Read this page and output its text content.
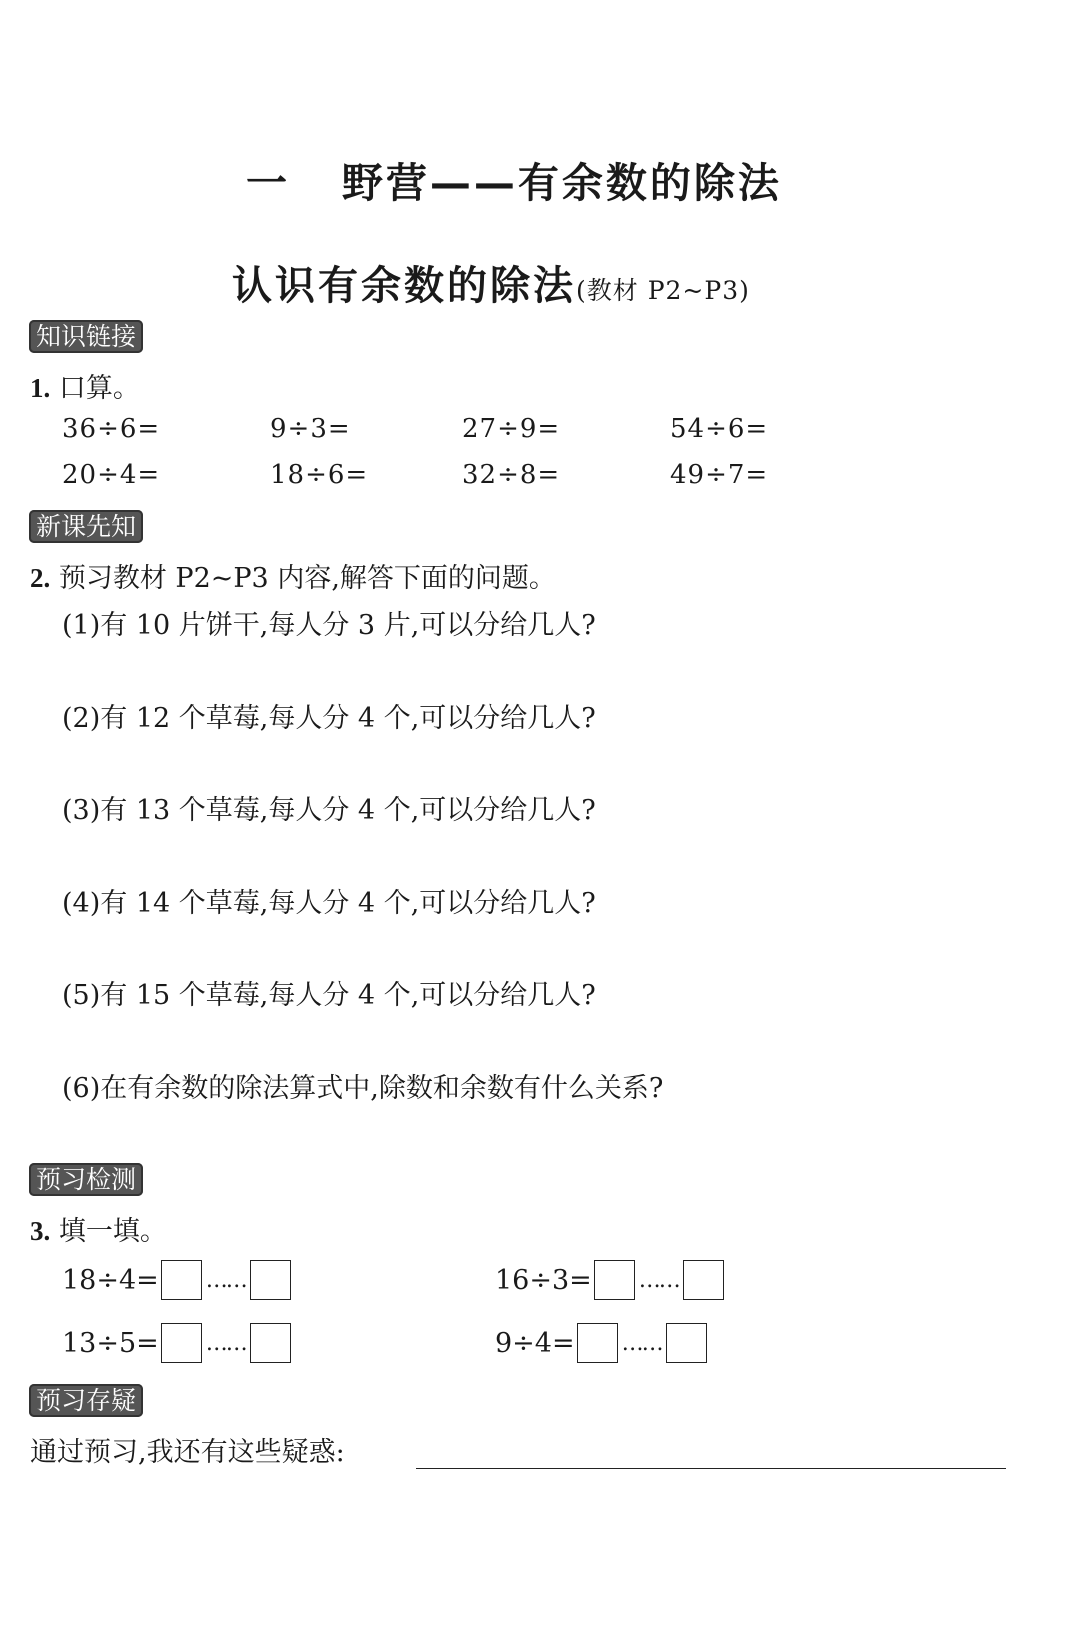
一   野营——有余数的除法
认识有余数的除法(教材 P2~P3)
知识链接
1. 口算。
36÷6=	9÷3=	27÷9=	54÷6=
20÷4=	18÷6=	32÷8=	49÷7=
新课先知
2. 预习教材 P2~P3 内容,解答下面的问题。
(1)有 10 片饼干,每人分 3 片,可以分给几人?
(2)有 12 个草莓,每人分 4 个,可以分给几人?
(3)有 13 个草莓,每人分 4 个,可以分给几人?
(4)有 14 个草莓,每人分 4 个,可以分给几人?
(5)有 15 个草莓,每人分 4 个,可以分给几人?
(6)在有余数的除法算式中,除数和余数有什么关系?
预习检测
3. 填一填。
18÷4= ……	16÷3= ……
13÷5= ……	9÷4= ……
预习存疑
通过预习,我还有这些疑惑:
